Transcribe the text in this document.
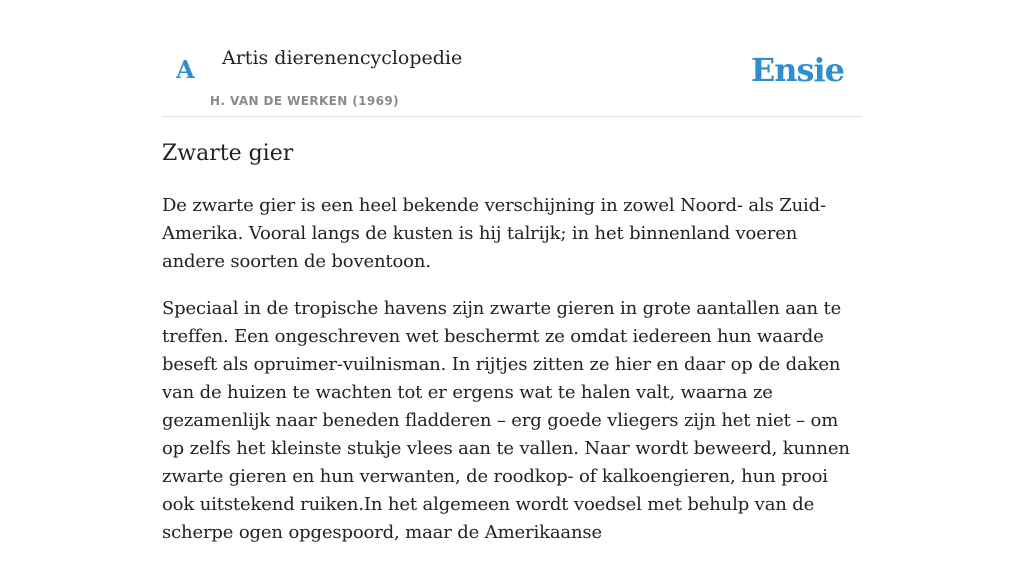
A Artis dierenencyclopedie
H. VAN DE WERKEN (1969)
Ensie
Zwarte gier

De zwarte gier is een heel bekende verschijning in zowel Noord- als Zuid-Amerika. Vooral langs de kusten is hij talrijk; in het binnenland voeren andere soorten de boventoon.

Speciaal in de tropische havens zijn zwarte gieren in grote aantallen aan te treffen. Een ongeschreven wet beschermt ze omdat iedereen hun waarde beseft als opruimer-vuilnisman. In rijtjes zitten ze hier en daar op de daken van de huizen te wachten tot er ergens wat te halen valt, waarna ze gezamenlijk naar beneden fladderen – erg goede vliegers zijn het niet – om op zelfs het kleinste stukje vlees aan te vallen. Naar wordt beweerd, kunnen zwarte gieren en hun verwanten, de roodkop- of kalkoengieren, hun prooi ook uitstekend ruiken.In het algemeen wordt voedsel met behulp van de scherpe ogen opgespoord, maar de Amerikaanse
